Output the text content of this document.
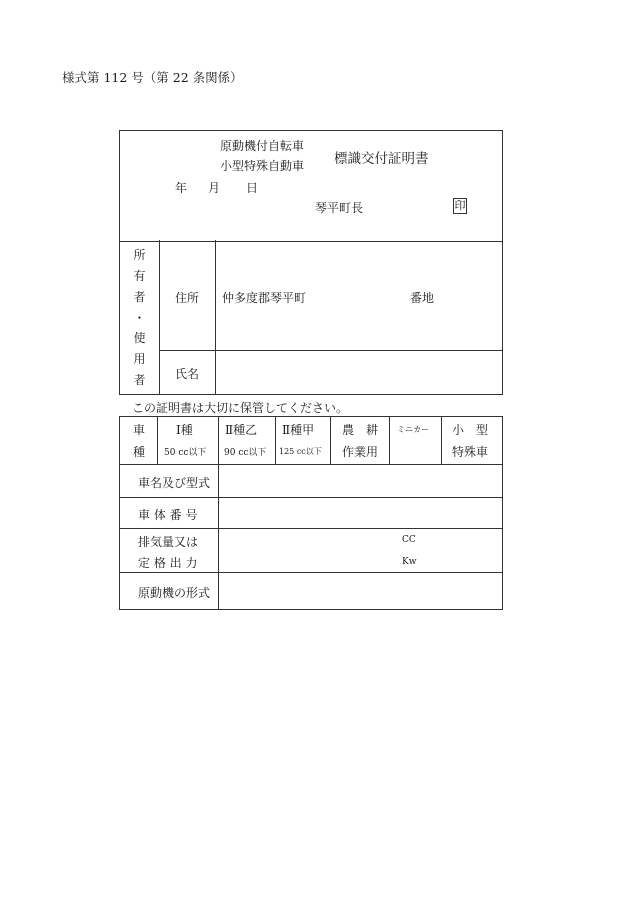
様式第 112 号（第 22 条関係）
原動機付自転車
小型特殊自動車 標識交付証明書
年 月 日
琴平町長	印
所
有
者
・
使
用
者
住所 仲多度郡琴平町	番地
氏名
この証明書は大切に保管してください。
車
種
Ⅰ種
50 cc以下
Ⅱ種乙
90 cc以下
Ⅱ種甲
125 cc以下
農　耕
作業用
ミニカー 小　型
特殊車
車名及び型式
車 体 番 号
排気量又は
定 格 出 力
CC
Kw
原動機の形式
